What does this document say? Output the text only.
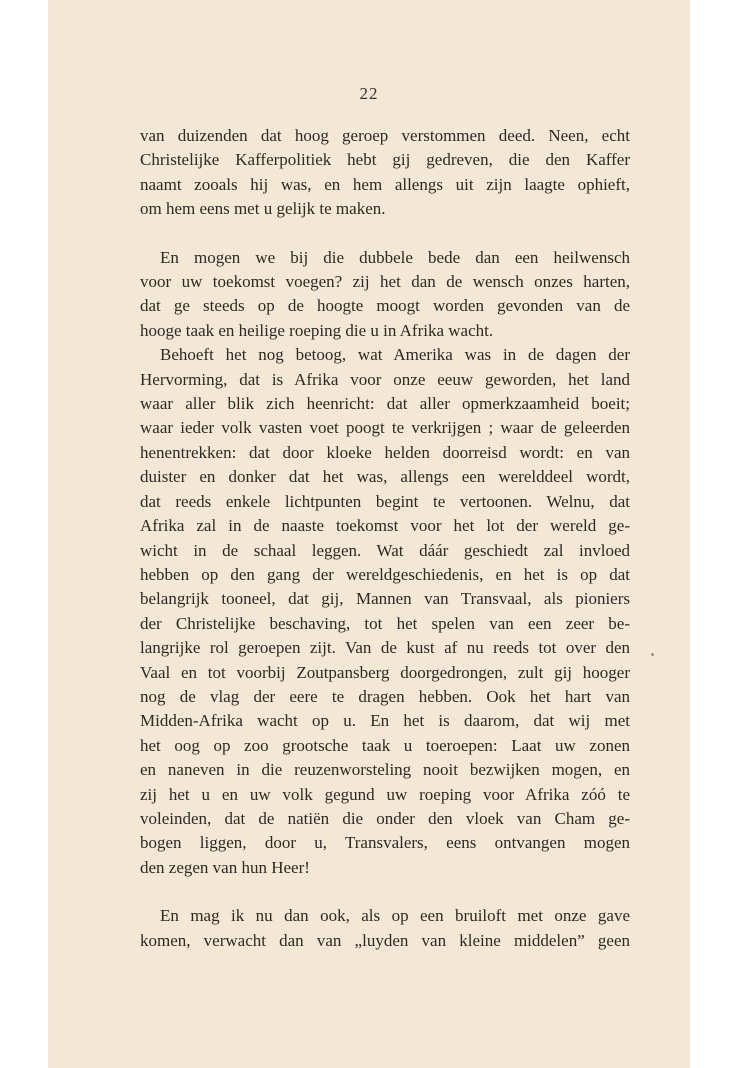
22
van duizenden dat hoog geroep verstommen deed. Neen, echt
Christelijke Kafferpolitiek hebt gij gedreven, die den Kaffer
naamt zooals hij was, en hem allengs uit zijn laagte ophieft,
om hem eens met u gelijk te maken.
En mogen we bij die dubbele bede dan een heilwensch
voor uw toekomst voegen? zij het dan de wensch onzes harten,
dat ge steeds op de hoogte moogt worden gevonden van de
hooge taak en heilige roeping die u in Afrika wacht.
Behoeft het nog betoog, wat Amerika was in de dagen der
Hervorming, dat is Afrika voor onze eeuw geworden, het land
waar aller blik zich heenricht: dat aller opmerkzaamheid boeit;
waar ieder volk vasten voet poogt te verkrijgen ; waar de geleerden
henentrekken: dat door kloeke helden doorreisd wordt: en van
duister en donker dat het was, allengs een werelddeel wordt,
dat reeds enkele lichtpunten begint te vertoonen. Welnu, dat
Afrika zal in de naaste toekomst voor het lot der wereld ge-
wicht in de schaal leggen. Wat dáár geschiedt zal invloed
hebben op den gang der wereldgeschiedenis, en het is op dat
belangrijk tooneel, dat gij, Mannen van Transvaal, als pioniers
der Christelijke beschaving, tot het spelen van een zeer be-
langrijke rol geroepen zijt. Van de kust af nu reeds tot over den
Vaal en tot voorbij Zoutpansberg doorgedrongen, zult gij hooger
nog de vlag der eere te dragen hebben. Ook het hart van
Midden-Afrika wacht op u. En het is daarom, dat wij met
het oog op zoo grootsche taak u toeroepen: Laat uw zonen
en naneven in die reuzenworsteling nooit bezwijken mogen, en
zij het u en uw volk gegund uw roeping voor Afrika zóó te
voleinden, dat de natiën die onder den vloek van Cham ge-
bogen liggen, door u, Transvalers, eens ontvangen mogen
den zegen van hun Heer!
En mag ik nu dan ook, als op een bruiloft met onze gave
komen, verwacht dan van „luyden van kleine middelen” geen
